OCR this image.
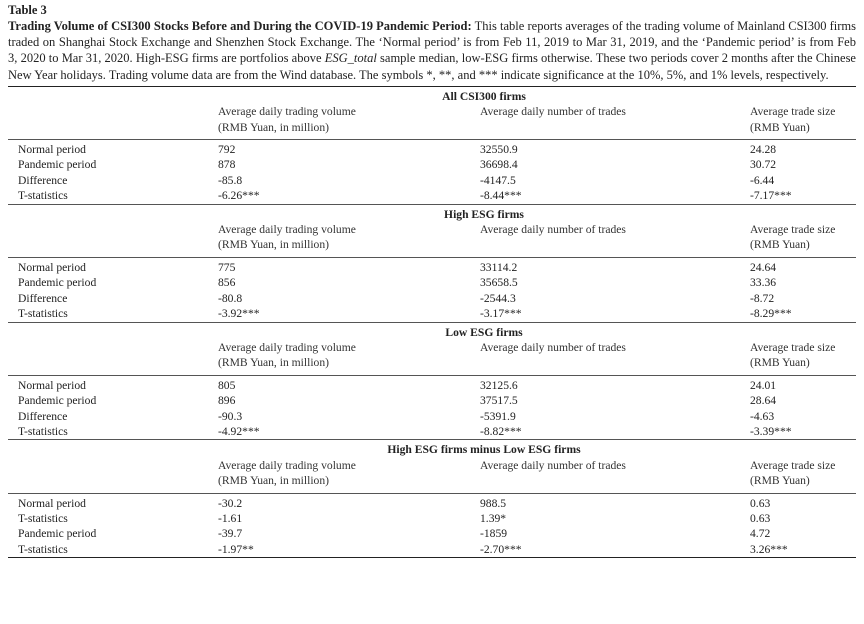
Table 3

Trading Volume of CSI300 Stocks Before and During the COVID-19 Pandemic Period: This table reports averages of the trading volume of Mainland CSI300 firms traded on Shanghai Stock Exchange and Shenzhen Stock Exchange. The ‘Normal period’ is from Feb 11, 2019 to Mar 31, 2019, and the ‘Pandemic period’ is from Feb 3, 2020 to Mar 31, 2020. High-ESG firms are portfolios above ESG_total sample median, low-ESG firms otherwise. These two periods cover 2 months after the Chinese New Year holidays. Trading volume data are from the Wind database. The symbols *, **, and *** indicate significance at the 10%, 5%, and 1% levels, respectively.

	All CSI300 firms		
	Average daily trading volume	Average daily number of trades	Average trade size
	(RMB Yuan, in million)		(RMB Yuan)

Normal period	792	32550.9	24.28
Pandemic period	878	36698.4	30.72
Difference	-85.8	-4147.5	-6.44
T-statistics	-6.26***	-8.44***	-7.17***
	High ESG firms		
	Average daily trading volume	Average daily number of trades	Average trade size
	(RMB Yuan, in million)		(RMB Yuan)

Normal period	775	33114.2	24.64
Pandemic period	856	35658.5	33.36
Difference	-80.8	-2544.3	-8.72
T-statistics	-3.92***	-3.17***	-8.29***
	Low ESG firms		
	Average daily trading volume	Average daily number of trades	Average trade size
	(RMB Yuan, in million)		(RMB Yuan)

Normal period	805	32125.6	24.01
Pandemic period	896	37517.5	28.64
Difference	-90.3	-5391.9	-4.63
T-statistics	-4.92***	-8.82***	-3.39***
	High ESG firms minus Low ESG firms		
	Average daily trading volume	Average daily number of trades	Average trade size
	(RMB Yuan, in million)		(RMB Yuan)

Normal period	-30.2	988.5	0.63
T-statistics	-1.61	1.39*	0.63
Pandemic period	-39.7	-1859	4.72
T-statistics	-1.97**	-2.70***	3.26***
